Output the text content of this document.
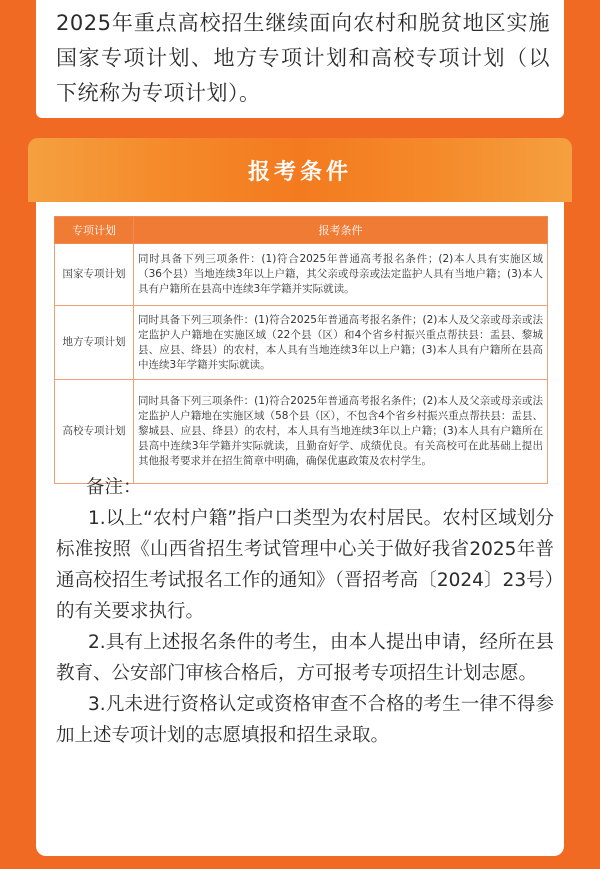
2025年重点高校招生继续面向农村和脱贫地区实施国家专项计划、地方专项计划和高校专项计划（以下统称为专项计划）。

报考条件
专项计划	报考条件
国家专项计划	同时具备下列三项条件：(1)符合2025年普通高考报名条件；(2)本人具有实施区域（36个县）当地连续3年以上户籍，其父亲或母亲或法定监护人具有当地户籍；(3)本人具有户籍所在县高中连续3年学籍并实际就读。
地方专项计划	同时具备下列三项条件：(1)符合2025年普通高考报名条件；(2)本人及父亲或母亲或法定监护人户籍地在实施区域（22个县（区）和4个省乡村振兴重点帮扶县：盂县、黎城县、应县、绛县）的农村，本人具有当地连续3年以上户籍；(3)本人具有户籍所在县高中连续3年学籍并实际就读。
高校专项计划	同时具备下列三项条件：(1)符合2025年普通高考报名条件；(2)本人及父亲或母亲或法定监护人户籍地在实施区域（58个县（区），不包含4个省乡村振兴重点帮扶县：盂县、黎城县、应县、绛县）的农村，本人具有当地连续3年以上户籍；(3)本人具有户籍所在县高中连续3年学籍并实际就读，且勤奋好学、成绩优良。有关高校可在此基础上提出其他报考要求并在招生简章中明确，确保优惠政策及农村学生。

备注：

1.以上“农村户籍”指户口类型为农村居民。农村区域划分标准按照《山西省招生考试管理中心关于做好我省2025年普通高校招生考试报名工作的通知》（晋招考高〔2024〕23号）的有关要求执行。

2.具有上述报名条件的考生，由本人提出申请，经所在县教育、公安部门审核合格后，方可报考专项招生计划志愿。

3.凡未进行资格认定或资格审查不合格的考生一律不得参加上述专项计划的志愿填报和招生录取。
